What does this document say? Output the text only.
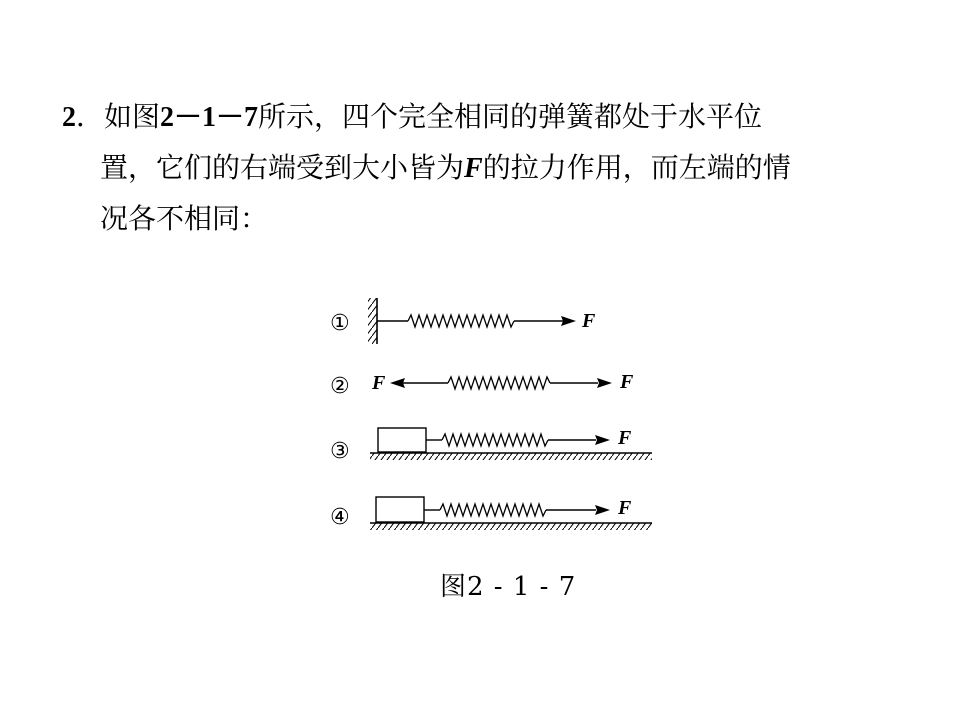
2．如图2－1－7所示，四个完全相同的弹簧都处于水平位
置，它们的右端受到大小皆为F的拉力作用，而左端的情
况各不相同：
①	F
② F	F
③
F
④	F
图2 - 1 - 7
